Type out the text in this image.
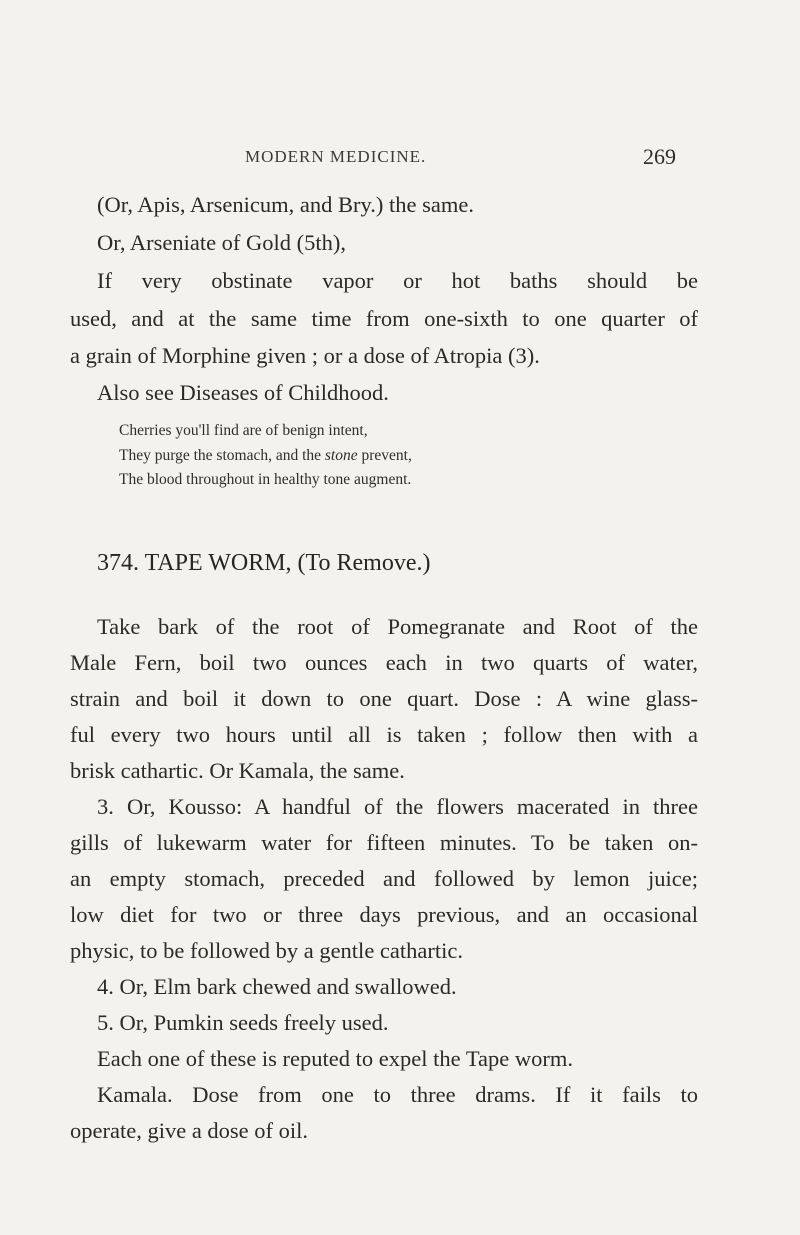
MODERN MEDICINE.	269
(Or, Apis, Arsenicum, and Bry.) the same.
Or, Arseniate of Gold (5th),
If very obstinate vapor or hot baths should be
used, and at the same time from one-sixth to one quarter of
a grain of Morphine given ; or a dose of Atropia (3).
Also see Diseases of Childhood.
Cherries you'll find are of benign intent,
They purge the stomach, and the stone prevent,
The blood throughout in healthy tone augment.
374. TAPE WORM, (To Remove.)
Take bark of the root of Pomegranate and Root of the
Male Fern, boil two ounces each in two quarts of water,
strain and boil it down to one quart. Dose : A wine glass-
ful every two hours until all is taken ; follow then with a
brisk cathartic. Or Kamala, the same.
3. Or, Kousso: A handful of the flowers macerated in three
gills of lukewarm water for fifteen minutes. To be taken on-
an empty stomach, preceded and followed by lemon juice;
low diet for two or three days previous, and an occasional
physic, to be followed by a gentle cathartic.
4. Or, Elm bark chewed and swallowed.
5. Or, Pumkin seeds freely used.
Each one of these is reputed to expel the Tape worm.
Kamala. Dose from one to three drams. If it fails to
operate, give a dose of oil.
